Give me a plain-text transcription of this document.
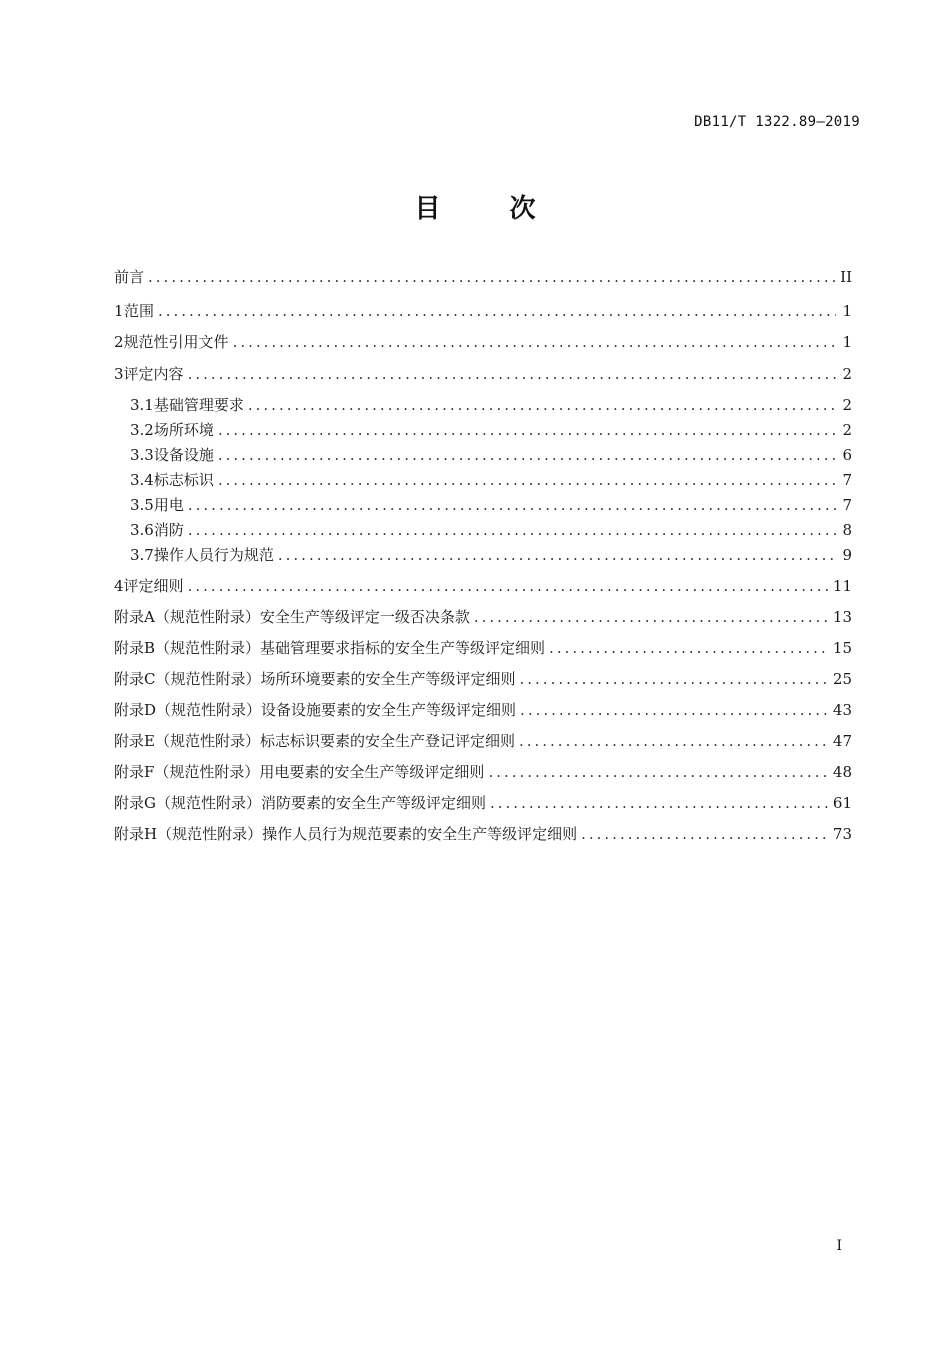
DB11/T 1322.89—2019
目 次
前言 .....	II
1 范围 .....	1
2 规范性引用文件 .....	1
3 评定内容 .....	2
3.1 基础管理要求 .....	2
3.2 场所环境 .....	2
3.3 设备设施 .....	6
3.4 标志标识 .....	7
3.5 用电 .....	7
3.6 消防 .....	8
3.7 操作人员行为规范 .....	9
4 评定细则 .....	11
附录A（规范性附录） 安全生产等级评定一级否决条款 .....	13
附录B（规范性附录） 基础管理要求指标的安全生产等级评定细则 .....	15
附录C（规范性附录） 场所环境要素的安全生产等级评定细则 .....	25
附录D（规范性附录） 设备设施要素的安全生产等级评定细则 .....	43
附录E（规范性附录） 标志标识要素的安全生产登记评定细则 .....	47
附录F（规范性附录） 用电要素的安全生产等级评定细则 .....	48
附录G（规范性附录） 消防要素的安全生产等级评定细则 .....	61
附录H（规范性附录） 操作人员行为规范要素的安全生产等级评定细则 .....	73
I
